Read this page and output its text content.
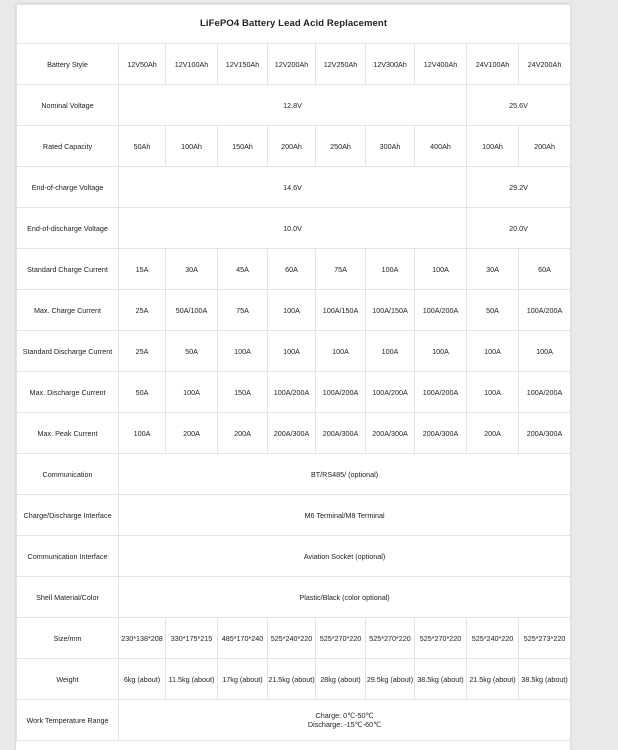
LiFePO4 Battery Lead Acid Replacement									
Battery Style	12V50Ah	12V100Ah	12V150Ah	12V200Ah	12V250Ah	12V300Ah	12V400Ah	24V100Ah	24V200Ah
Nominal Voltage	12.8V							25.6V	
Rated Capacity	50Ah	100Ah	150Ah	200Ah	250Ah	300Ah	400Ah	100Ah	200Ah
End-of-charge Voltage	14.6V							29.2V	
End-of-discharge Voltage	10.0V							20.0V	
Standard Charge Current	15A	30A	45A	60A	75A	100A	100A	30A	60A
Max. Charge Current	25A	50A/100A	75A	100A	100A/150A	100A/150A	100A/200A	50A	100A/200A
Standard Discharge Current	25A	50A	100A	100A	100A	100A	100A	100A	100A
Max. Discharge Current	50A	100A	150A	100A/200A	100A/200A	100A/200A	100A/200A	100A	100A/200A
Max. Peak Current	100A	200A	200A	200A/300A	200A/300A	200A/300A	200A/300A	200A	200A/300A
Communication	BT/RS485/ (optional)								
Charge/Discharge Interface	M6 Terminal/M8 Terminal								
Communication Interface	Aviation Socket (optional)								
Shell Material/Color	Plastic/Black (color optional)								
Size/mm	230*138*208	330*175*215	485*170*240	525*240*220	525*270*220	525*270*220	525*270*220	525*240*220	525*273*220
Weight	6kg (about)	11.5kg (about)	17kg (about)	21.5kg (about)	28kg (about)	29.5kg (about)	38.5kg (about)	21.5kg (about)	38.5kg (about)
Work Temperature Range	Charge: 0℃-50℃
Discharge: -15℃-60℃								
